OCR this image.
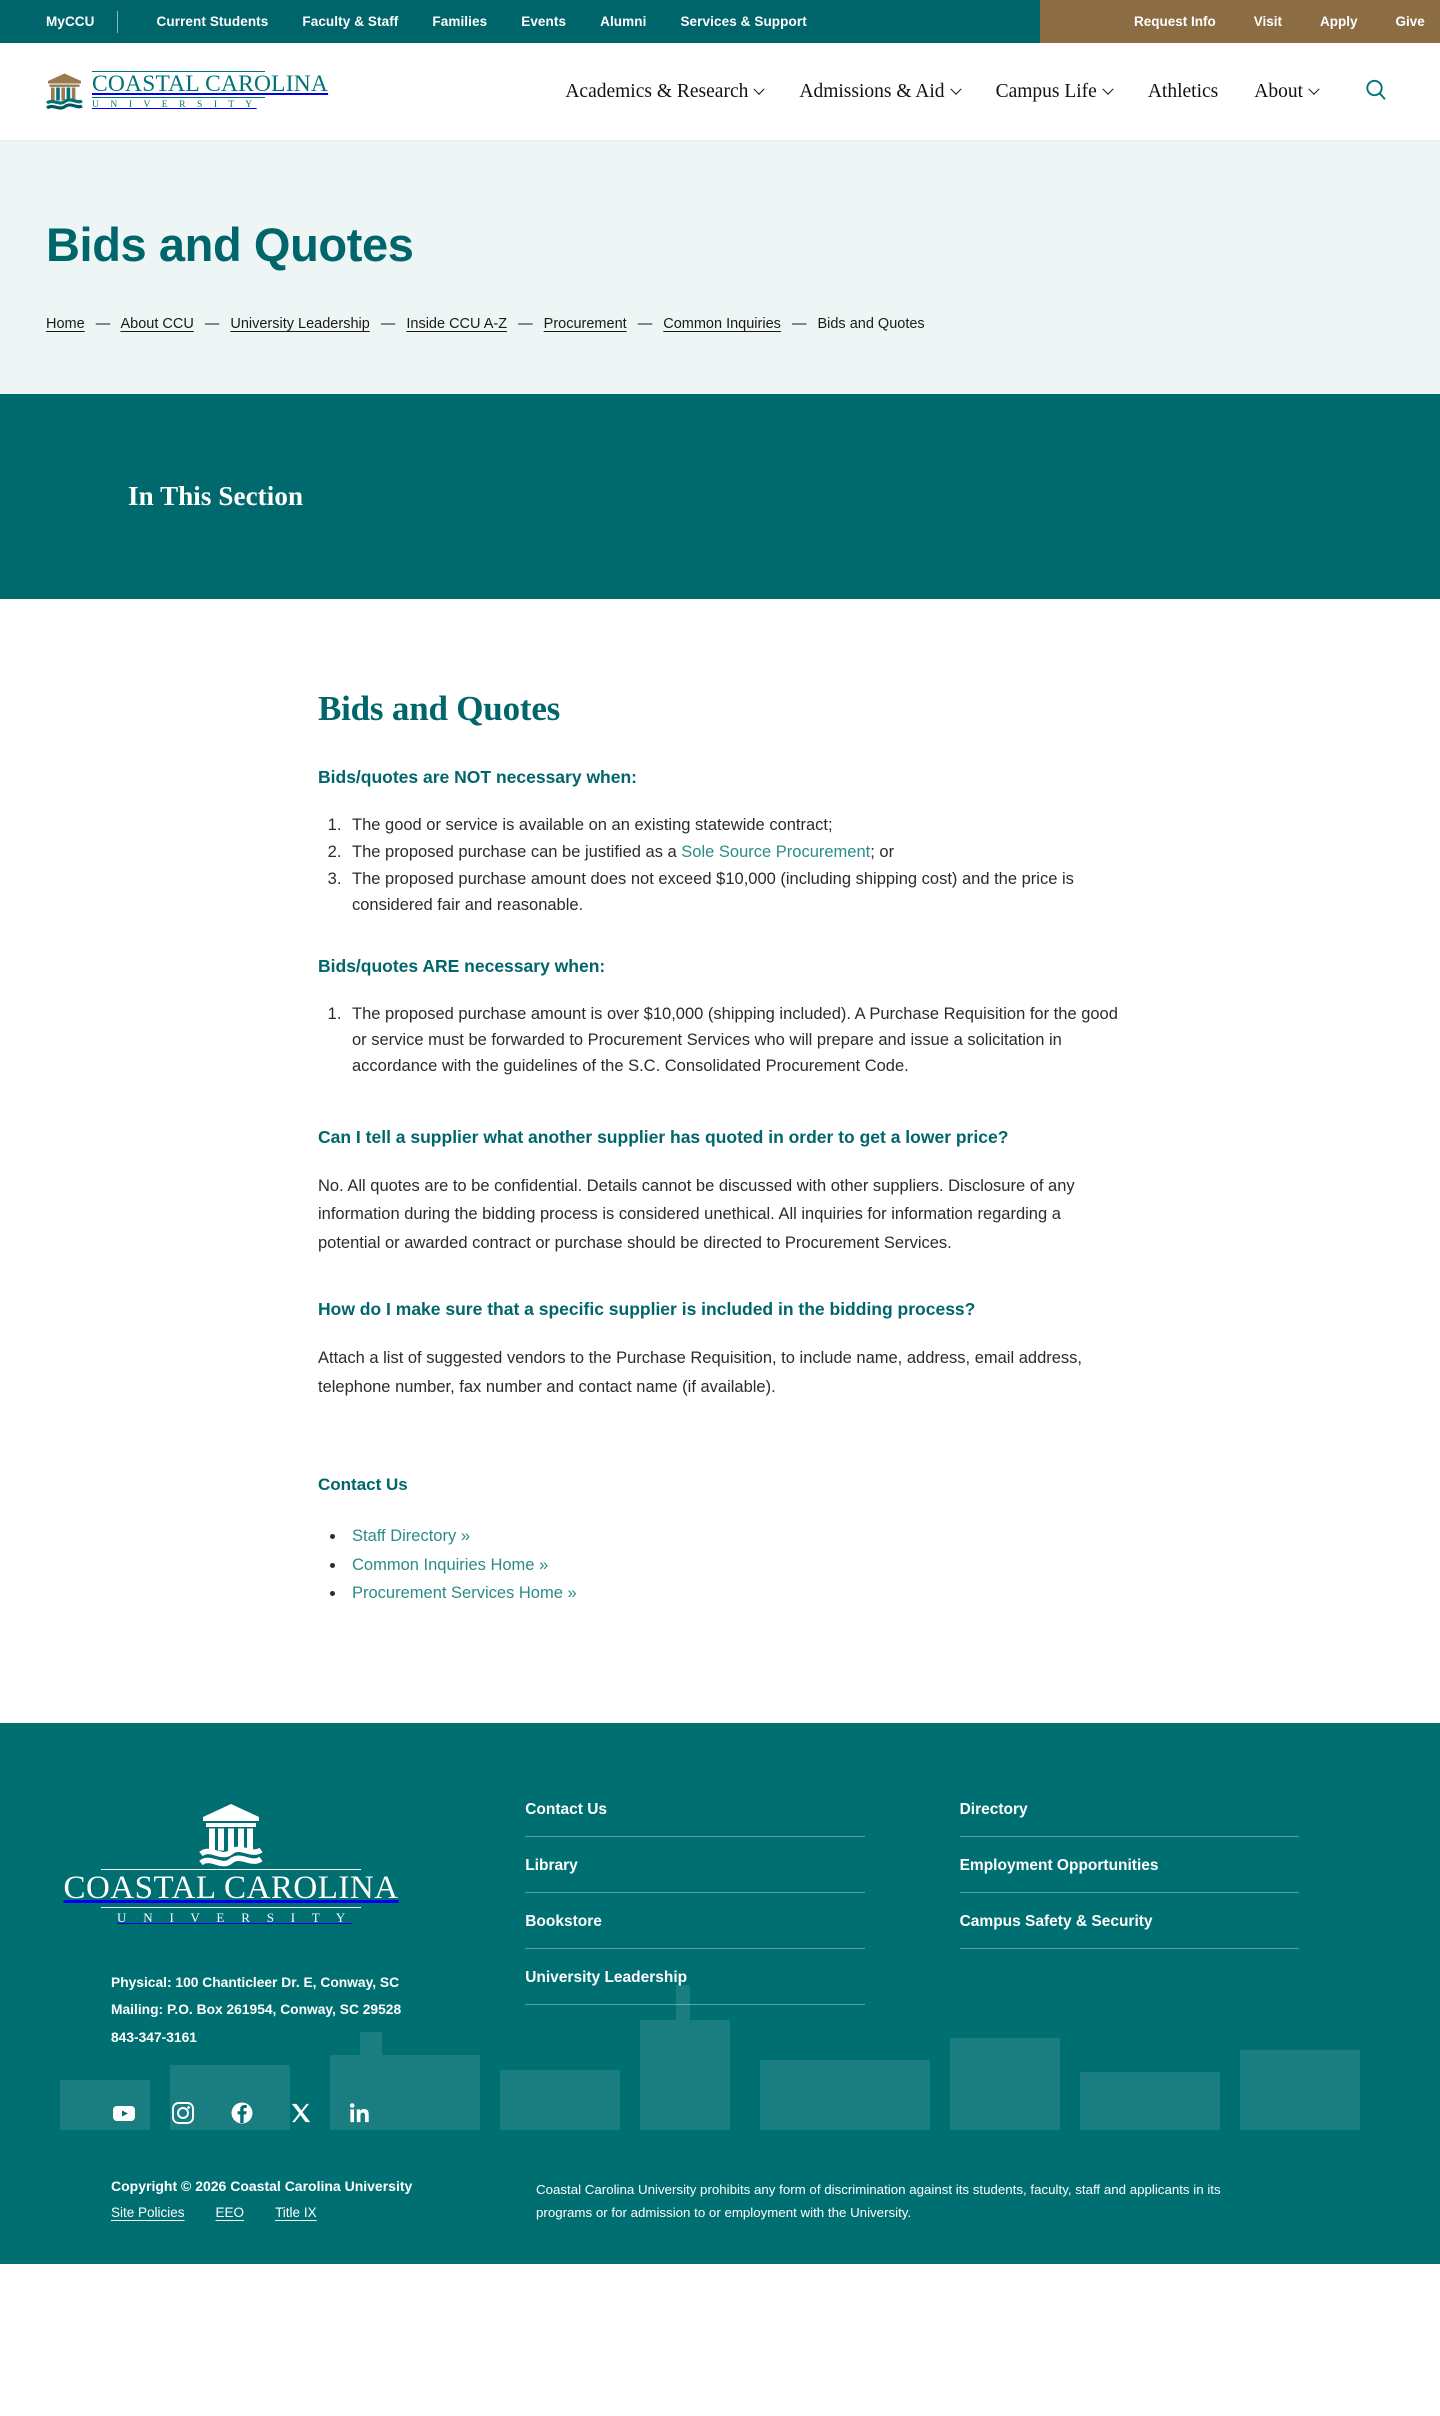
MyCCU	Current Students	Faculty & Staff	Families	Events	Alumni	Services & Support	Request Info	Visit	Apply	Give
COASTAL CAROLINA
U N I V E R S I T Y
Academics & Research	Admissions & Aid	Campus Life	Athletics About
Bids and Quotes
Home — About CCU — University Leadership — Inside CCU A-Z — Procurement — Common Inquiries — Bids and Quotes
In This Section
Bids and Quotes
Bids/quotes are NOT necessary when:
1. The good or service is available on an existing statewide contract;
2. The proposed purchase can be justified as a Sole Source Procurement; or
3. The proposed purchase amount does not exceed $10,000 (including shipping cost) and the price is considered fair and reasonable.
Bids/quotes ARE necessary when:
1. The proposed purchase amount is over $10,000 (shipping included). A Purchase Requisition for the good or service must be forwarded to Procurement Services who will prepare and issue a solicitation in accordance with the guidelines of the S.C. Consolidated Procurement Code.
Can I tell a supplier what another supplier has quoted in order to get a lower price?

No. All quotes are to be confidential. Details cannot be discussed with other suppliers. Disclosure of any information during the bidding process is considered unethical. All inquiries for information regarding a potential or awarded contract or purchase should be directed to Procurement Services.

How do I make sure that a specific supplier is included in the bidding process?

Attach a list of suggested vendors to the Purchase Requisition, to include name, address, email address, telephone number, fax number and contact name (if available).

Contact Us
• Staff Directory »
• Common Inquiries Home »
• Procurement Services Home »
COASTAL CAROLINA
U N I V E R S I T Y
Physical: 100 Chanticleer Dr. E, Conway, SC
Mailing: P.O. Box 261954, Conway, SC 29528
843-347-3161
Contact Us
Library
Bookstore
University Leadership
Directory
Employment Opportunities
Campus Safety & Security
Copyright © 2026 Coastal Carolina University
Site Policies EEO Title IX

Coastal Carolina University prohibits any form of discrimination against its students, faculty, staff and applicants in its programs or for admission to or employment with the University.
